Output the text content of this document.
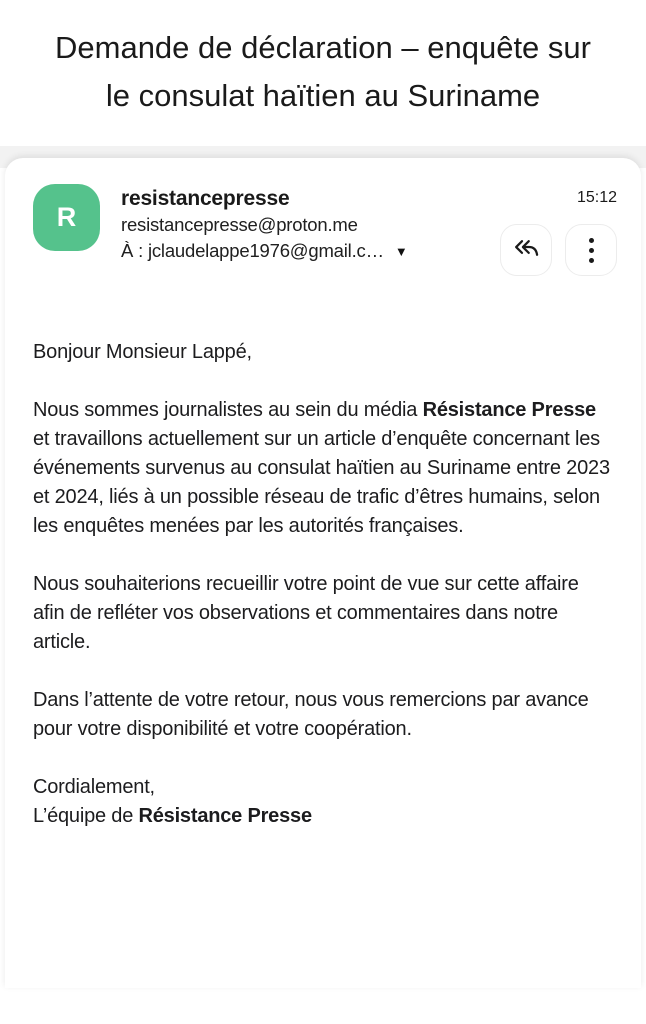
Demande de déclaration – enquête sur le consulat haïtien au Suriname
R
resistancepresse
resistancepresse@proton.me
À : jclaudelappe1976@gmail.c… ▼
15:12

Bonjour Monsieur Lappé,

Nous sommes journalistes au sein du média Résistance Presse et travaillons actuellement sur un article d’enquête concernant les événements survenus au consulat haïtien au Suriname entre 2023 et 2024, liés à un possible réseau de trafic d’êtres humains, selon les enquêtes menées par les autorités françaises.

Nous souhaiterions recueillir votre point de vue sur cette affaire afin de refléter vos observations et commentaires dans notre article.

Dans l’attente de votre retour, nous vous remercions par avance pour votre disponibilité et votre coopération.

Cordialement,
L’équipe de Résistance Presse
